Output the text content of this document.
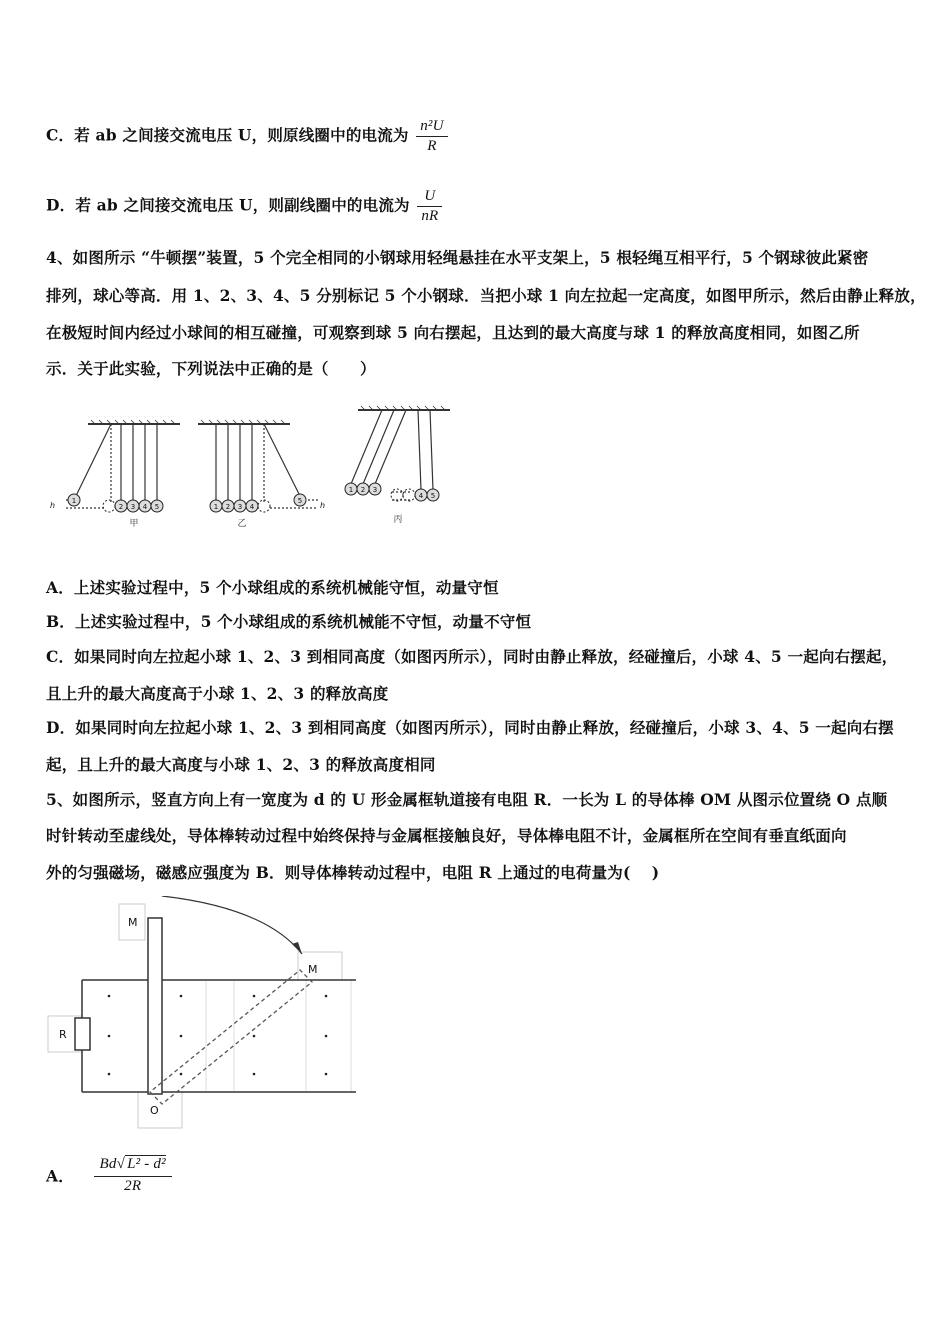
C．若 ab 之间接交流电压 U，则原线圈中的电流为 $\frac{\text{n²U}}{R}$
D．若 ab 之间接交流电压 U，则副线圈中的电流为 $\frac{U}{nR}$
4、如图所示 “牛顿摆”装置，5 个完全相同的小钢球用轻绳悬挂在水平支架上，5 根轻绳互相平行，5 个钢球彼此紧密
排列，球心等高．用 1、2、3、4、5 分别标记 5 个小钢球．当把小球 1 向左拉起一定高度，如图甲所示，然后由静止释放，
在极短时间内经过小球间的相互碰撞，可观察到球 5 向右摆起，且达到的最大高度与球 1 的释放高度相同，如图乙所
示．关于此实验，下列说法中正确的是（　　）
1
2 3 4 5	1 2 3 4
5
1 2 3
4 5
h	h
甲	乙	丙
A．上述实验过程中，5 个小球组成的系统机械能守恒，动量守恒
B．上述实验过程中，5 个小球组成的系统机械能不守恒，动量不守恒
C．如果同时向左拉起小球 1、2、3 到相同高度（如图丙所示），同时由静止释放，经碰撞后，小球 4、5 一起向右摆起，
且上升的最大高度高于小球 1、2、3 的释放高度
D．如果同时向左拉起小球 1、2、3 到相同高度（如图丙所示），同时由静止释放，经碰撞后，小球 3、4、5 一起向右摆
起，且上升的最大高度与小球 1、2、3 的释放高度相同
5、如图所示，竖直方向上有一宽度为 d 的 U 形金属框轨道接有电阻 R．一长为 L 的导体棒 OM 从图示位置绕 O 点顺
时针转动至虚线处，导体棒转动过程中始终保持与金属框接触良好，导体棒电阻不计，金属框所在空间有垂直纸面向
外的匀强磁场，磁感应强度为 B．则导体棒转动过程中，电阻 R 上通过的电荷量为(　 )
M
M
R
O
A． $\frac{\text{Bd√ L² - d²}}{2R}$
